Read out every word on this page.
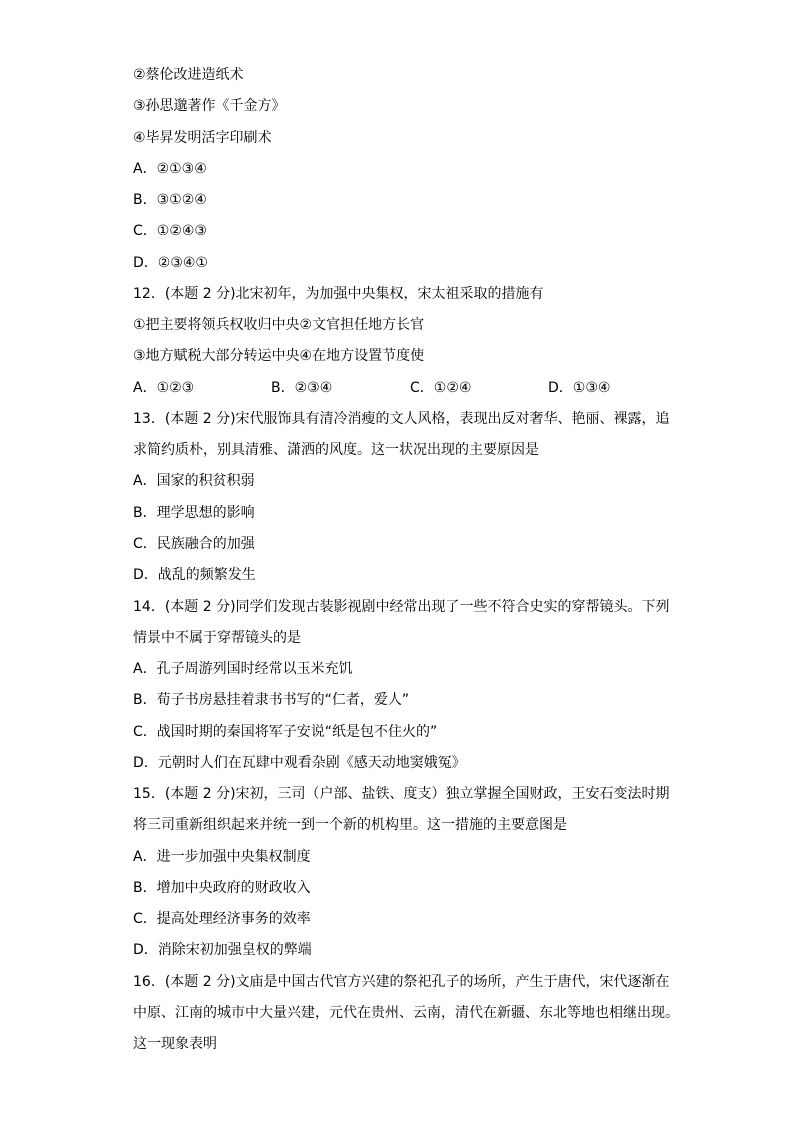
②蔡伦改进造纸术
③孙思邈著作《千金方》
④毕昇发明活字印刷术
A．②①③④
B．③①②④
C．①②④③
D．②③④①
12．(本题 2 分)北宋初年，为加强中央集权，宋太祖采取的措施有
①把主要将领兵权收归中央②文官担任地方长官
③地方赋税大部分转运中央④在地方设置节度使
A．①②③	B．②③④	C．①②④	D．①③④
13．(本题 2 分)宋代服饰具有清冷消瘦的文人风格，表现出反对奢华、艳丽、裸露，追
求简约质朴，别具清雅、潇洒的风度。这一状况出现的主要原因是
A．国家的积贫积弱
B．理学思想的影响
C．民族融合的加强
D．战乱的频繁发生
14．(本题 2 分)同学们发现古装影视剧中经常出现了一些不符合史实的穿帮镜头。下列
情景中不属于穿帮镜头的是
A．孔子周游列国时经常以玉米充饥
B．荀子书房悬挂着隶书书写的“仁者，爱人”
C．战国时期的秦国将军子安说“纸是包不住火的”
D．元朝时人们在瓦肆中观看杂剧《感天动地窦娥冤》
15．(本题 2 分)宋初，三司（户部、盐铁、度支）独立掌握全国财政，王安石变法时期
将三司重新组织起来并统一到一个新的机构里。这一措施的主要意图是
A．进一步加强中央集权制度
B．增加中央政府的财政收入
C．提高处理经济事务的效率
D．消除宋初加强皇权的弊端
16．(本题 2 分)文庙是中国古代官方兴建的祭祀孔子的场所，产生于唐代，宋代逐渐在
中原、江南的城市中大量兴建，元代在贵州、云南，清代在新疆、东北等地也相继出现。
这一现象表明
